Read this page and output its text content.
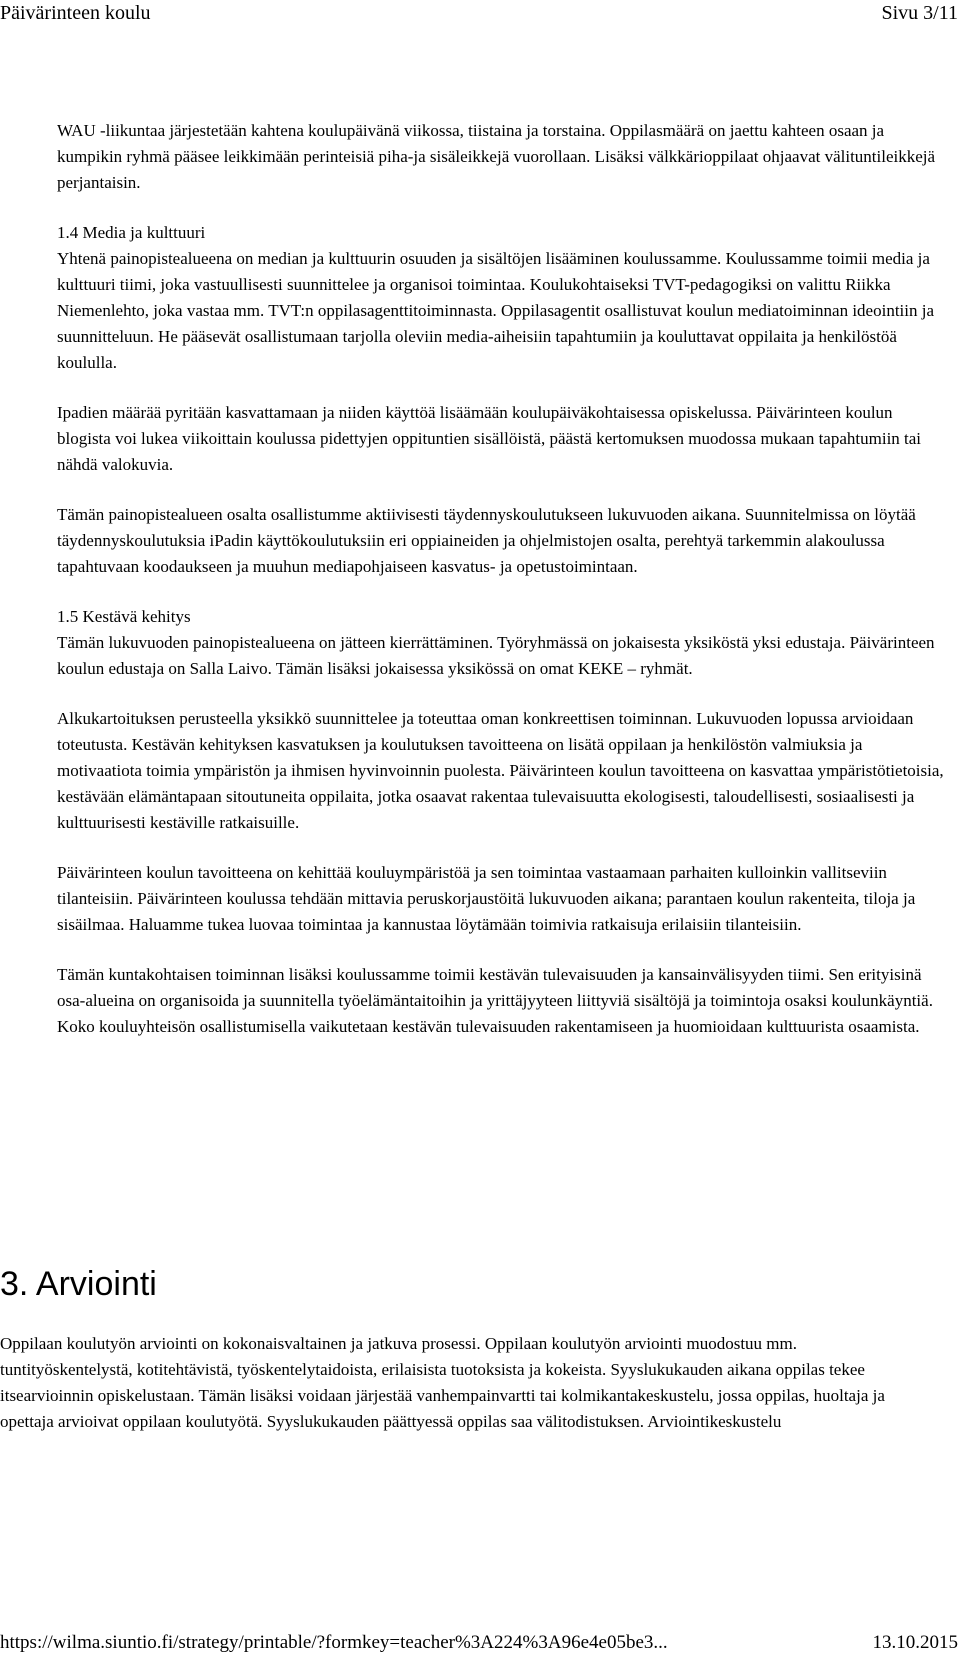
Päivärinteen koulu	Sivu 3/11

WAU -liikuntaa järjestetään kahtena koulupäivänä viikossa, tiistaina ja torstaina. Oppilasmäärä on jaettu kahteen osaan ja kumpikin ryhmä pääsee leikkimään perinteisiä piha-ja sisäleikkejä vuorollaan. Lisäksi välkkärioppilaat ohjaavat välituntileikkejä perjantaisin.

1.4 Media ja kulttuuri

Yhtenä painopistealueena on median ja kulttuurin osuuden ja sisältöjen lisääminen koulussamme. Koulussamme toimii media ja kulttuuri tiimi, joka vastuullisesti suunnittelee ja organisoi toimintaa. Koulukohtaiseksi TVT-pedagogiksi on valittu Riikka Niemenlehto, joka vastaa mm. TVT:n oppilasagenttitoiminnasta. Oppilasagentit osallistuvat koulun mediatoiminnan ideointiin ja suunnitteluun. He pääsevät osallistumaan tarjolla oleviin media-aiheisiin tapahtumiin ja kouluttavat oppilaita ja henkilöstöä koululla.

Ipadien määrää pyritään kasvattamaan ja niiden käyttöä lisäämään koulupäiväkohtaisessa opiskelussa. Päivärinteen koulun blogista voi lukea viikoittain koulussa pidettyjen oppituntien sisällöistä, päästä kertomuksen muodossa mukaan tapahtumiin tai nähdä valokuvia.

Tämän painopistealueen osalta osallistumme aktiivisesti täydennyskoulutukseen lukuvuoden aikana. Suunnitelmissa on löytää täydennyskoulutuksia iPadin käyttökoulutuksiin eri oppiaineiden ja ohjelmistojen osalta, perehtyä tarkemmin alakoulussa tapahtuvaan koodaukseen ja muuhun mediapohjaiseen kasvatus- ja opetustoimintaan.

1.5 Kestävä kehitys

Tämän lukuvuoden painopistealueena on jätteen kierrättäminen. Työryhmässä on jokaisesta yksiköstä yksi edustaja. Päivärinteen koulun edustaja on Salla Laivo. Tämän lisäksi jokaisessa yksikössä on omat KEKE – ryhmät.

Alkukartoituksen perusteella yksikkö suunnittelee ja toteuttaa oman konkreettisen toiminnan. Lukuvuoden lopussa arvioidaan toteutusta. Kestävän kehityksen kasvatuksen ja koulutuksen tavoitteena on lisätä oppilaan ja henkilöstön valmiuksia ja motivaatiota toimia ympäristön ja ihmisen hyvinvoinnin puolesta. Päivärinteen koulun tavoitteena on kasvattaa ympäristötietoisia, kestävään elämäntapaan sitoutuneita oppilaita, jotka osaavat rakentaa tulevaisuutta ekologisesti, taloudellisesti, sosiaalisesti ja kulttuurisesti kestäville ratkaisuille.

Päivärinteen koulun tavoitteena on kehittää kouluympäristöä ja sen toimintaa vastaamaan parhaiten kulloinkin vallitseviin tilanteisiin. Päivärinteen koulussa tehdään mittavia peruskorjaustöitä lukuvuoden aikana; parantaen koulun rakenteita, tiloja ja sisäilmaa. Haluamme tukea luovaa toimintaa ja kannustaa löytämään toimivia ratkaisuja erilaisiin tilanteisiin.

Tämän kuntakohtaisen toiminnan lisäksi koulussamme toimii kestävän tulevaisuuden ja kansainvälisyyden tiimi. Sen erityisinä osa-alueina on organisoida ja suunnitella työelämäntaitoihin ja yrittäjyyteen liittyviä sisältöjä ja toimintoja osaksi koulunkäyntiä. Koko kouluyhteisön osallistumisella vaikutetaan kestävän tulevaisuuden rakentamiseen ja huomioidaan kulttuurista osaamista.

3. Arviointi

Oppilaan koulutyön arviointi on kokonaisvaltainen ja jatkuva prosessi. Oppilaan koulutyön arviointi muodostuu mm. tuntityöskentelystä, kotitehtävistä, työskentelytaidoista, erilaisista tuotoksista ja kokeista. Syyslukukauden aikana oppilas tekee itsearvioinnin opiskelustaan. Tämän lisäksi voidaan järjestää vanhempainvartti tai kolmikantakeskustelu, jossa oppilas, huoltaja ja opettaja arvioivat oppilaan koulutyötä. Syyslukukauden päättyessä oppilas saa välitodistuksen. Arviointikeskustelu

https://wilma.siuntio.fi/strategy/printable/?formkey=teacher%3A224%3A96e4e05be3...	13.10.2015
